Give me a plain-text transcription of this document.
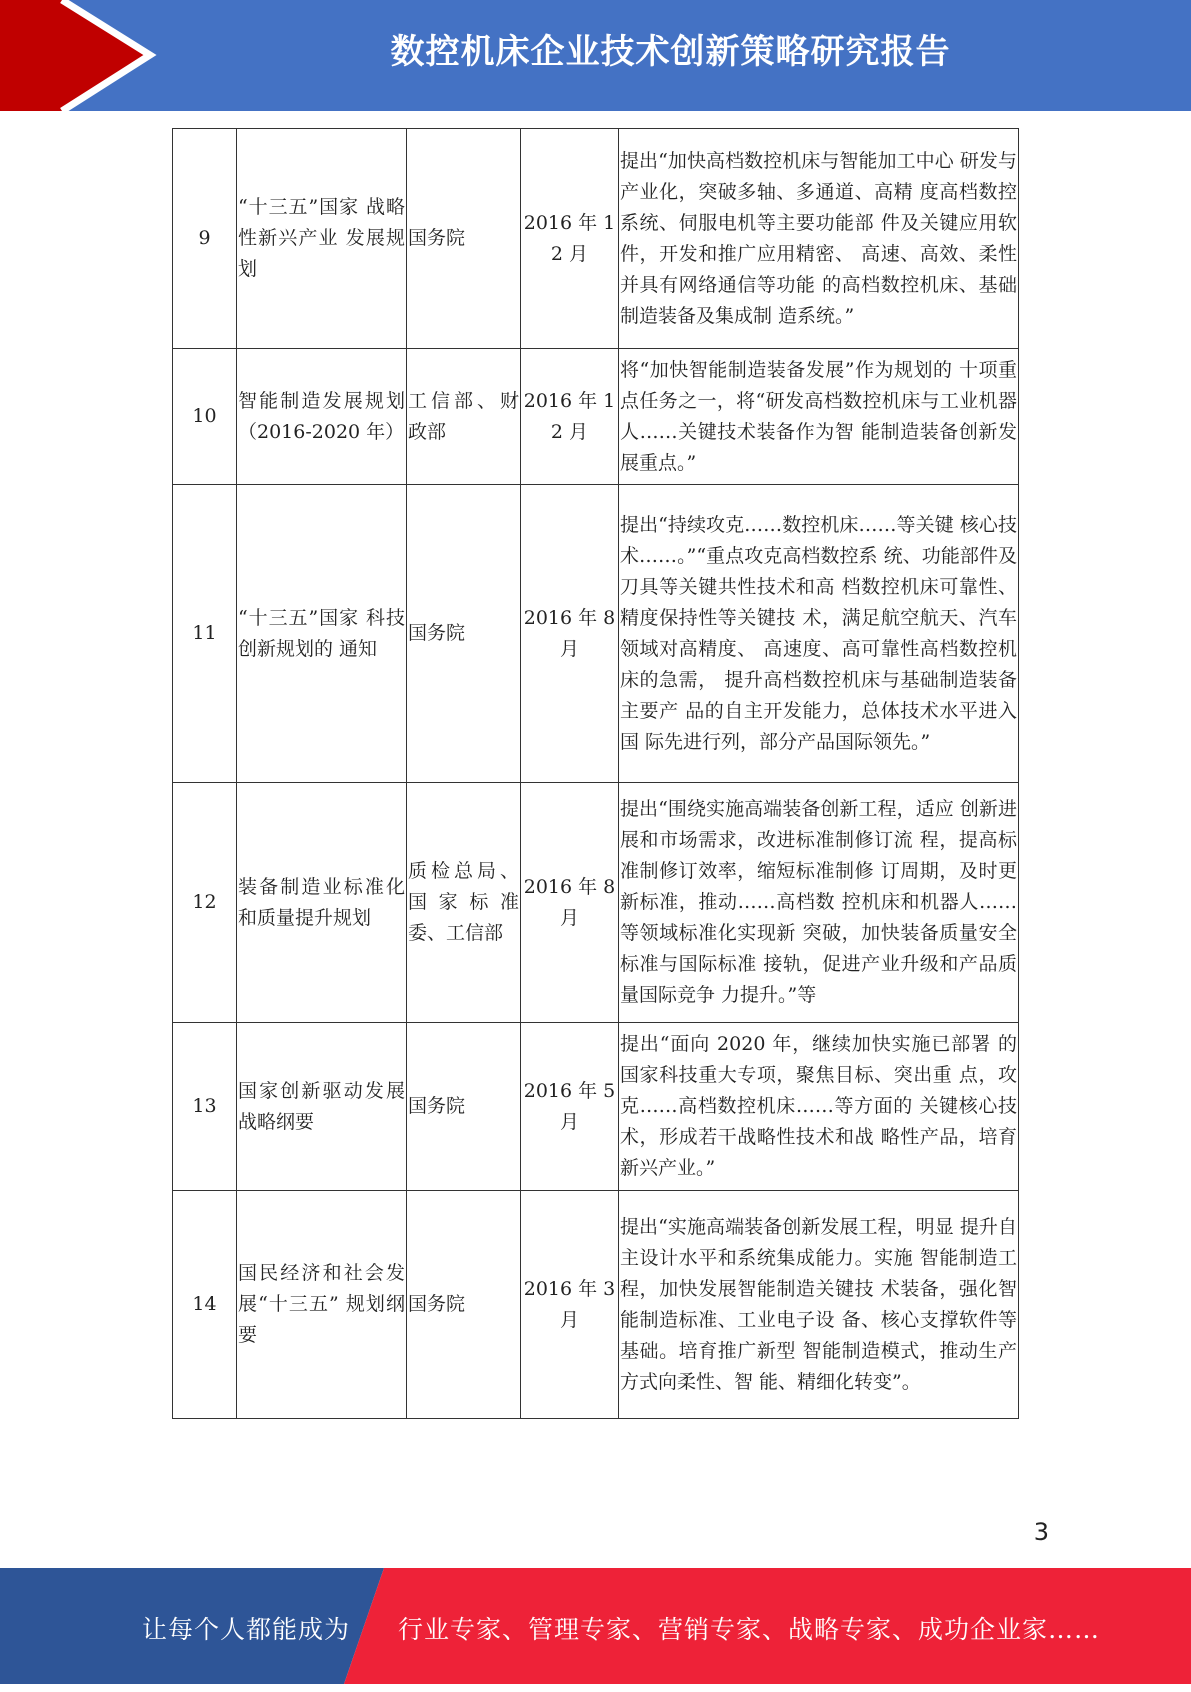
数控机床企业技术创新策略研究报告
9	“十三五”国家 战略性新兴产业 发展规划	国务院	2016 年 12 月	提出“加快高档数控机床与智能加工中心 研发与产业化，突破多轴、多通道、高精 度高档数控系统、伺服电机等主要功能部 件及关键应用软件，开发和推广应用精密、 高速、高效、柔性并具有网络通信等功能 的高档数控机床、基础制造装备及集成制 造系统。”
10	智能制造发展规划（2016-2020 年）	工信部、财政部	2016 年 12 月	将“加快智能制造装备发展”作为规划的 十项重点任务之一，将“研发高档数控机床与工业机器人……关键技术装备作为智 能制造装备创新发展重点。”
11	“十三五”国家 科技创新规划的 通知	国务院	2016 年 8 月	提出“持续攻克……数控机床……等关键 核心技术……。”“重点攻克高档数控系 统、功能部件及刀具等关键共性技术和高 档数控机床可靠性、精度保持性等关键技 术，满足航空航天、汽车领域对高精度、 高速度、高可靠性高档数控机床的急需， 提升高档数控机床与基础制造装备主要产 品的自主开发能力，总体技术水平进入国 际先进行列，部分产品国际领先。”
12	装备制造业标准化和质量提升规划	质检总局、国家标准委、工信部	2016 年 8 月	提出“围绕实施高端装备创新工程，适应 创新进展和市场需求，改进标准制修订流 程，提高标准制修订效率，缩短标准制修 订周期，及时更新标准，推动……高档数 控机床和机器人……等领域标准化实现新 突破，加快装备质量安全标准与国际标准 接轨，促进产业升级和产品质量国际竞争 力提升。”等
13	国家创新驱动发展战略纲要	国务院	2016 年 5 月	提出“面向 2020 年，继续加快实施已部署 的国家科技重大专项，聚焦目标、突出重 点，攻克……高档数控机床……等方面的 关键核心技术，形成若干战略性技术和战 略性产品，培育新兴产业。”
14	国民经济和社会发展“十三五” 规划纲要	国务院	2016 年 3 月	提出“实施高端装备创新发展工程，明显 提升自主设计水平和系统集成能力。实施 智能制造工程，加快发展智能制造关键技 术装备，强化智能制造标准、工业电子设 备、核心支撑软件等基础。培育推广新型 智能制造模式，推动生产方式向柔性、智 能、精细化转变”。
3
让每个人都能成为 行业专家、管理专家、营销专家、战略专家、成功企业家……
